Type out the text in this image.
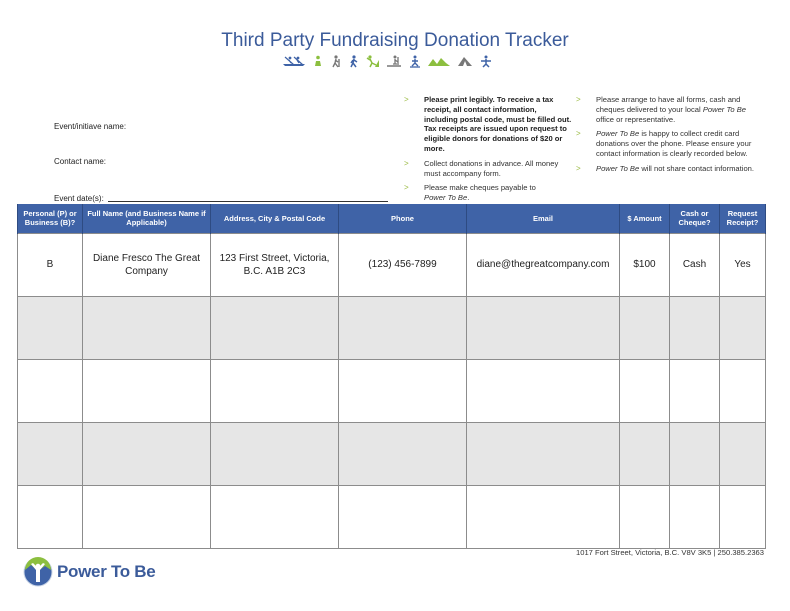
Third Party Fundraising Donation Tracker
Event/initiave name:
Contact name:
Event date(s):
>	Please print legibly. To receive a tax receipt, all contact information, including postal code, must be filled out. Tax receipts are issued upon request to eligible donors for donations of $20 or more.
>	Collect donations in advance. All money must accompany form.
>	Please make cheques payable to
Power To Be.
>	Please arrange to have all forms, cash and cheques delivered to your local Power To Be office or representative.
>	Power To Be is happy to collect credit card donations over the phone. Please ensure your contact information is clearly recorded below.
>	Power To Be will not share contact information.
Personal (P) or Business (B)?	Full Name (and Business Name if Applicable)	Address, City & Postal Code	Phone	Email	$ Amount	Cash or Cheque?	Request Receipt?
B	Diane Fresco The Great Company	123 First Street, Victoria, B.C. A1B 2C3	(123) 456-7899	diane@thegreatcompany.com	$100	Cash	Yes

1017 Fort Street, Victoria, B.C. V8V 3K5 | 250.385.2363
Power To Be
